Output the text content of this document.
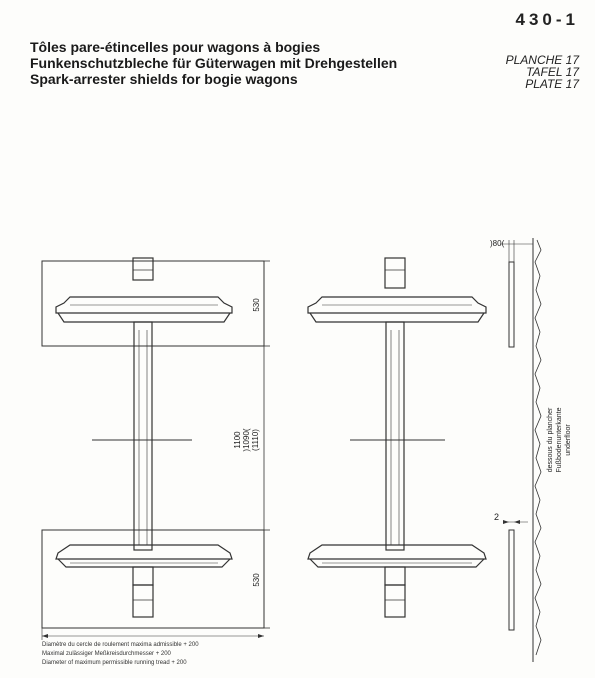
430-1
Tôles pare-étincelles pour wagons à bogies
Funkenschutzbleche für Güterwagen mit Drehgestellen
Spark-arrester shields for bogie wagons
PLANCHE 17
TAFEL 17
PLATE 17
530
530
1100 )1090( (1110)
)80(
2
dessous du plancher Fußbodenunterkante underfloor
Diamètre du cercle de roulement maxima admissible + 200
Maximal zulässiger Meßkreisdurchmesser + 200
Diameter of maximum permissible running tread + 200
